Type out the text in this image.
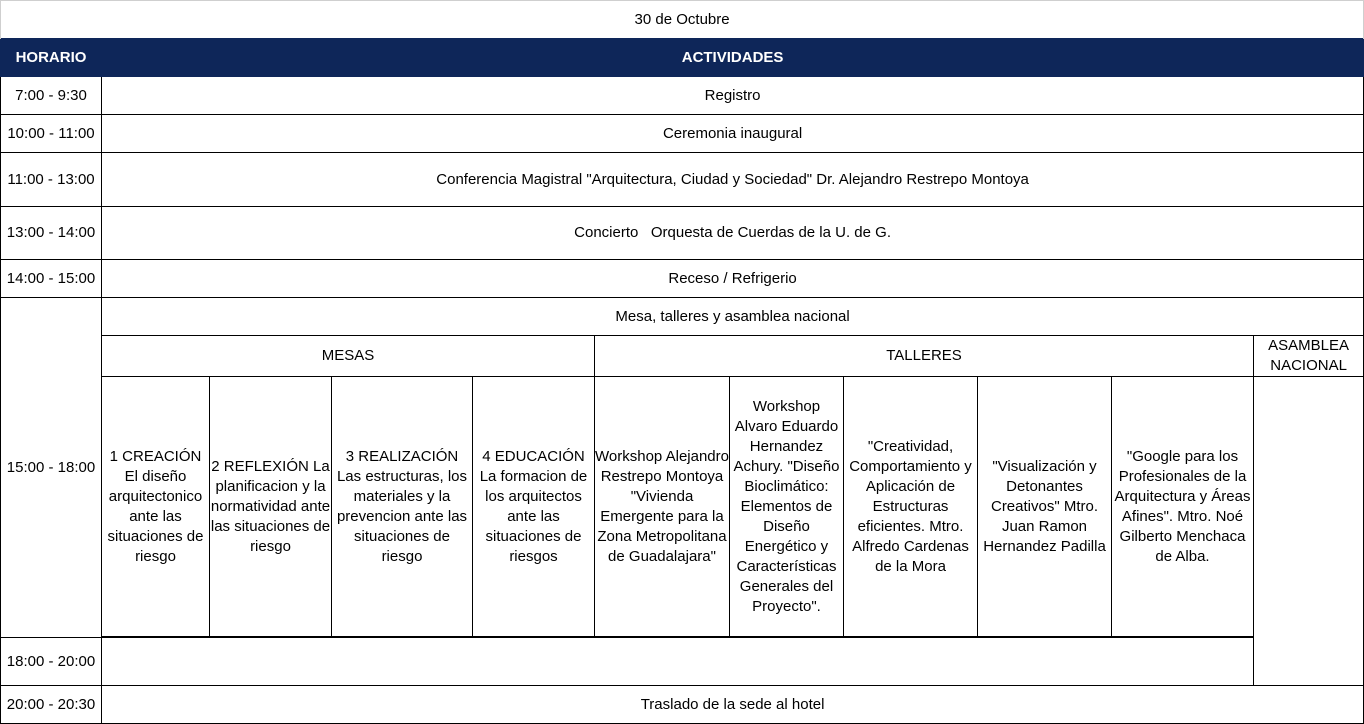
30 de Octubre										
HORARIO	ACTIVIDADES									
7:00 - 9:30	Registro									
10:00 - 11:00	Ceremonia inaugural									
11:00 - 13:00	Conferencia Magistral "Arquitectura, Ciudad y Sociedad" Dr. Alejandro Restrepo Montoya									
13:00 - 14:00	Concierto   Orquesta de Cuerdas de la U. de G.									
14:00 - 15:00	Receso / Refrigerio									
15:00 - 18:00	Mesa, talleres y asamblea nacional									
	MESAS				TALLERES					ASAMBLEA NACIONAL
	1 CREACIÓN El diseño arquitectonico ante las situaciones de riesgo	2 REFLEXIÓN La planificacion y la normatividad ante las situaciones de riesgo	3 REALIZACIÓN Las estructuras, los materiales y la prevencion ante las situaciones de riesgo	4 EDUCACIÓN La formacion de los arquitectos ante las situaciones de riesgos	Workshop Alejandro Restrepo Montoya "Vivienda Emergente para la Zona Metropolitana de Guadalajara"	Workshop Alvaro Eduardo Hernandez Achury. "Diseño Bioclimático: Elementos de Diseño Energético y Características Generales del Proyecto".	"Creatividad, Comportamiento y Aplicación de Estructuras eficientes. Mtro. Alfredo Cardenas de la Mora	"Visualización y Detonantes Creativos" Mtro. Juan Ramon Hernandez Padilla	"Google para los Profesionales de la Arquitectura y Áreas Afines". Mtro. Noé Gilberto Menchaca de Alba.	

18:00 - 20:00										
20:00 - 20:30	Traslado de la sede al hotel									
